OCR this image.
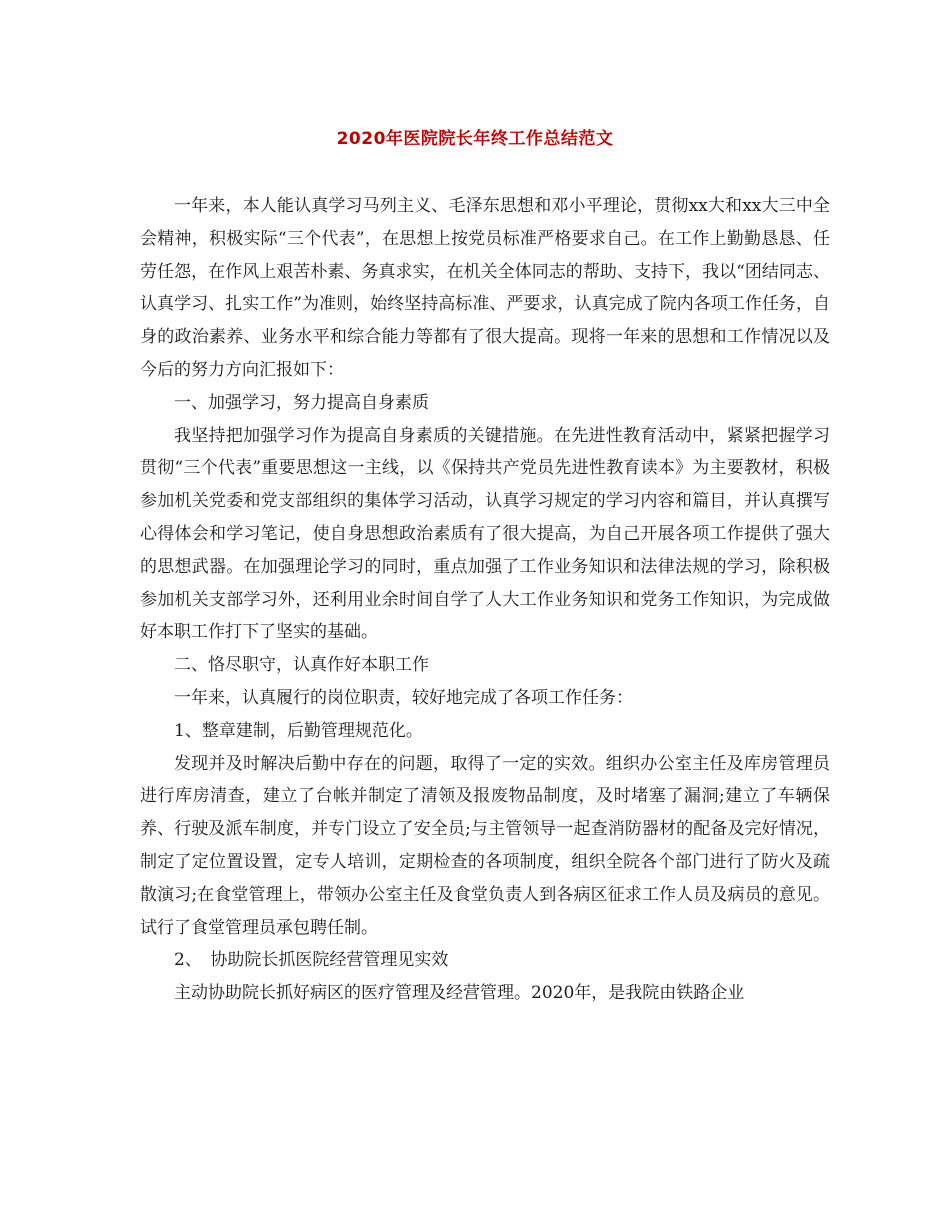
2020年医院院长年终工作总结范文

一年来，本人能认真学习马列主义、毛泽东思想和邓小平理论，贯彻xx大和xx大三中全会精神，积极实际“三个代表”，在思想上按党员标准严格要求自己。在工作上勤勤恳恳、任劳任怨，在作风上艰苦朴素、务真求实，在机关全体同志的帮助、支持下，我以“团结同志、认真学习、扎实工作”为准则，始终坚持高标准、严要求，认真完成了院内各项工作任务，自身的政治素养、业务水平和综合能力等都有了很大提高。现将一年来的思想和工作情况以及今后的努力方向汇报如下：

一、加强学习，努力提高自身素质

我坚持把加强学习作为提高自身素质的关键措施。在先进性教育活动中，紧紧把握学习贯彻“三个代表”重要思想这一主线，以《保持共产党员先进性教育读本》为主要教材，积极参加机关党委和党支部组织的集体学习活动，认真学习规定的学习内容和篇目，并认真撰写心得体会和学习笔记，使自身思想政治素质有了很大提高，为自己开展各项工作提供了强大的思想武器。在加强理论学习的同时，重点加强了工作业务知识和法律法规的学习，除积极参加机关支部学习外，还利用业余时间自学了人大工作业务知识和党务工作知识，为完成做好本职工作打下了坚实的基础。

二、恪尽职守，认真作好本职工作

一年来，认真履行的岗位职责，较好地完成了各项工作任务：

1、整章建制，后勤管理规范化。

发现并及时解决后勤中存在的问题，取得了一定的实效。组织办公室主任及库房管理员进行库房清查，建立了台帐并制定了清领及报废物品制度，及时堵塞了漏洞;建立了车辆保养、行驶及派车制度，并专门设立了安全员;与主管领导一起查消防器材的配备及完好情况，制定了定位置设置，定专人培训，定期检查的各项制度，组织全院各个部门进行了防火及疏散演习;在食堂管理上，带领办公室主任及食堂负责人到各病区征求工作人员及病员的意见。试行了食堂管理员承包聘任制。

2、　协助院长抓医院经营管理见实效

主动协助院长抓好病区的医疗管理及经营管理。2020年，是我院由铁路企业
